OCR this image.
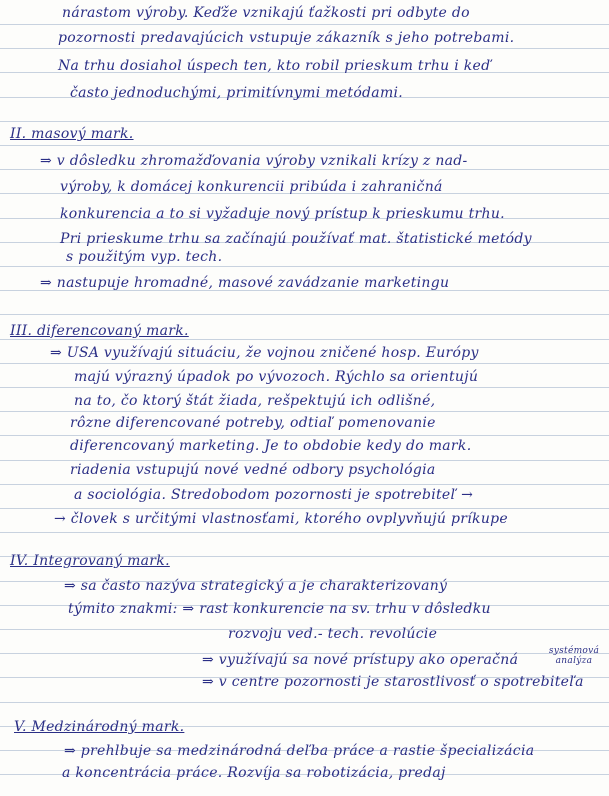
nárastom výroby. Keďže vznikajú ťažkosti pri odbyte do
pozornosti predavajúcich vstupuje zákazník s jeho potrebami.
Na trhu dosiahol úspech ten, kto robil prieskum trhu i keď
často jednoduchými, primitívnymi metódami.
II. masový mark.
⇒ v dôsledku zhromažďovania výroby vznikali krízy z nad-
výroby, k domácej konkurencii pribúda i zahraničná
konkurencia a to si vyžaduje nový prístup k prieskumu trhu.
Pri prieskume trhu sa začínajú používať mat. štatistické metódy
s použitým vyp. tech.
⇒ nastupuje hromadné, masové zavádzanie marketingu
III. diferencovaný mark.
⇒ USA využívajú situáciu, že vojnou zničené hosp. Európy
majú výrazný úpadok po vývozoch. Rýchlo sa orientujú
na to, čo ktorý štát žiada, rešpektujú ich odlišné,
rôzne diferencované potreby, odtiaľ pomenovanie
diferencovaný marketing. Je to obdobie kedy do mark.
riadenia vstupujú nové vedné odbory psychológia
a sociológia. Stredobodom pozornosti je spotrebiteľ →
→ človek s určitými vlastnosťami, ktorého ovplyvňujú príkupe
IV. Integrovaný mark.
⇒ sa často nazýva strategický a je charakterizovaný
týmito znakmi: ⇒ rast konkurencie na sv. trhu v dôsledku
rozvoju ved.- tech. revolúcie
⇒ využívajú sa nové prístupy ako operačná
systémová analýza
⇒ v centre pozornosti je starostlivosť o spotrebiteľa
V. Medzinárodný mark.
⇒ prehlbuje sa medzinárodná deľba práce a rastie špecializácia
a koncentrácia práce. Rozvíja sa robotizácia, predaj
